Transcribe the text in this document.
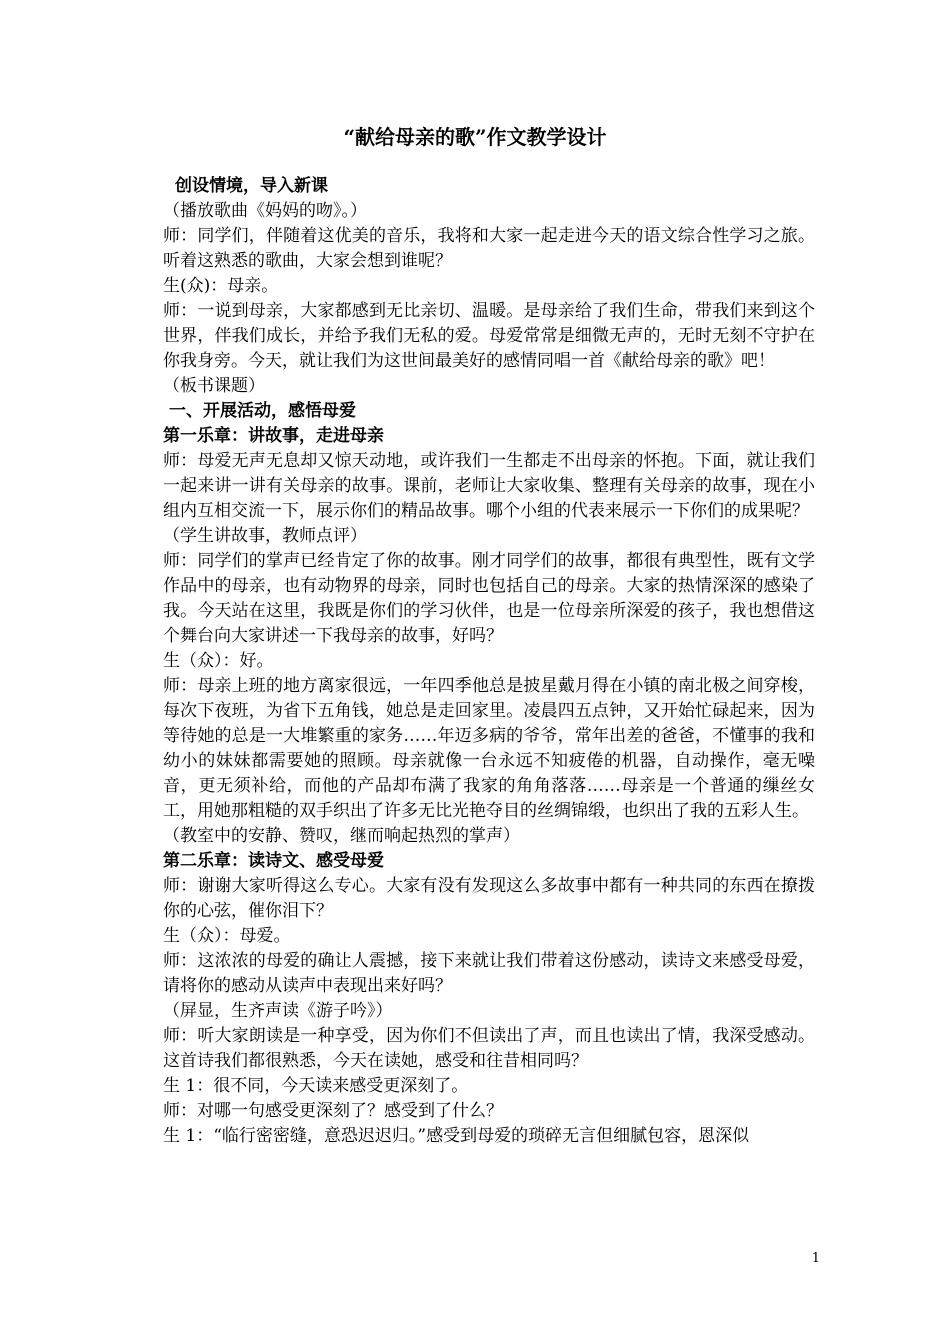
“献给母亲的歌”作文教学设计

创设情境，导入新课

（播放歌曲《妈妈的吻》。）

师：同学们，伴随着这优美的音乐，我将和大家一起走进今天的语文综合性学习之旅。听着这熟悉的歌曲，大家会想到谁呢？

生(众)：母亲。

师：一说到母亲，大家都感到无比亲切、温暖。是母亲给了我们生命，带我们来到这个世界，伴我们成长，并给予我们无私的爱。母爱常常是细微无声的，无时无刻不守护在你我身旁。今天，就让我们为这世间最美好的感情同唱一首《献给母亲的歌》吧！

（板书课题）

一、开展活动，感悟母爱

第一乐章：讲故事，走进母亲

师：母爱无声无息却又惊天动地，或许我们一生都走不出母亲的怀抱。下面，就让我们一起来讲一讲有关母亲的故事。课前，老师让大家收集、整理有关母亲的故事，现在小组内互相交流一下，展示你们的精品故事。哪个小组的代表来展示一下你们的成果呢？

（学生讲故事，教师点评）

师：同学们的掌声已经肯定了你的故事。刚才同学们的故事，都很有典型性，既有文学作品中的母亲，也有动物界的母亲，同时也包括自己的母亲。大家的热情深深的感染了我。今天站在这里，我既是你们的学习伙伴，也是一位母亲所深爱的孩子，我也想借这个舞台向大家讲述一下我母亲的故事，好吗？

生（众）：好。

师：母亲上班的地方离家很远，一年四季他总是披星戴月得在小镇的南北极之间穿梭，每次下夜班，为省下五角钱，她总是走回家里。凌晨四五点钟，又开始忙碌起来，因为等待她的总是一大堆繁重的家务……年迈多病的爷爷，常年出差的爸爸，不懂事的我和幼小的妹妹都需要她的照顾。母亲就像一台永远不知疲倦的机器，自动操作，毫无噪音，更无须补给，而他的产品却布满了我家的角角落落……母亲是一个普通的缫丝女工，用她那粗糙的双手织出了许多无比光艳夺目的丝绸锦缎，也织出了我的五彩人生。

（教室中的安静、赞叹，继而响起热烈的掌声）

第二乐章：读诗文、感受母爱

师：谢谢大家听得这么专心。大家有没有发现这么多故事中都有一种共同的东西在撩拨你的心弦，催你泪下？

生（众）：母爱。

师：这浓浓的母爱的确让人震撼，接下来就让我们带着这份感动，读诗文来感受母爱，请将你的感动从读声中表现出来好吗？

（屏显，生齐声读《游子吟》）

师：听大家朗读是一种享受，因为你们不但读出了声，而且也读出了情，我深受感动。这首诗我们都很熟悉，今天在读她，感受和往昔相同吗？

生 1：很不同，今天读来感受更深刻了。

师：对哪一句感受更深刻了？感受到了什么？

生 1：“临行密密缝，意恐迟迟归。”感受到母爱的琐碎无言但细腻包容，恩深似

1
